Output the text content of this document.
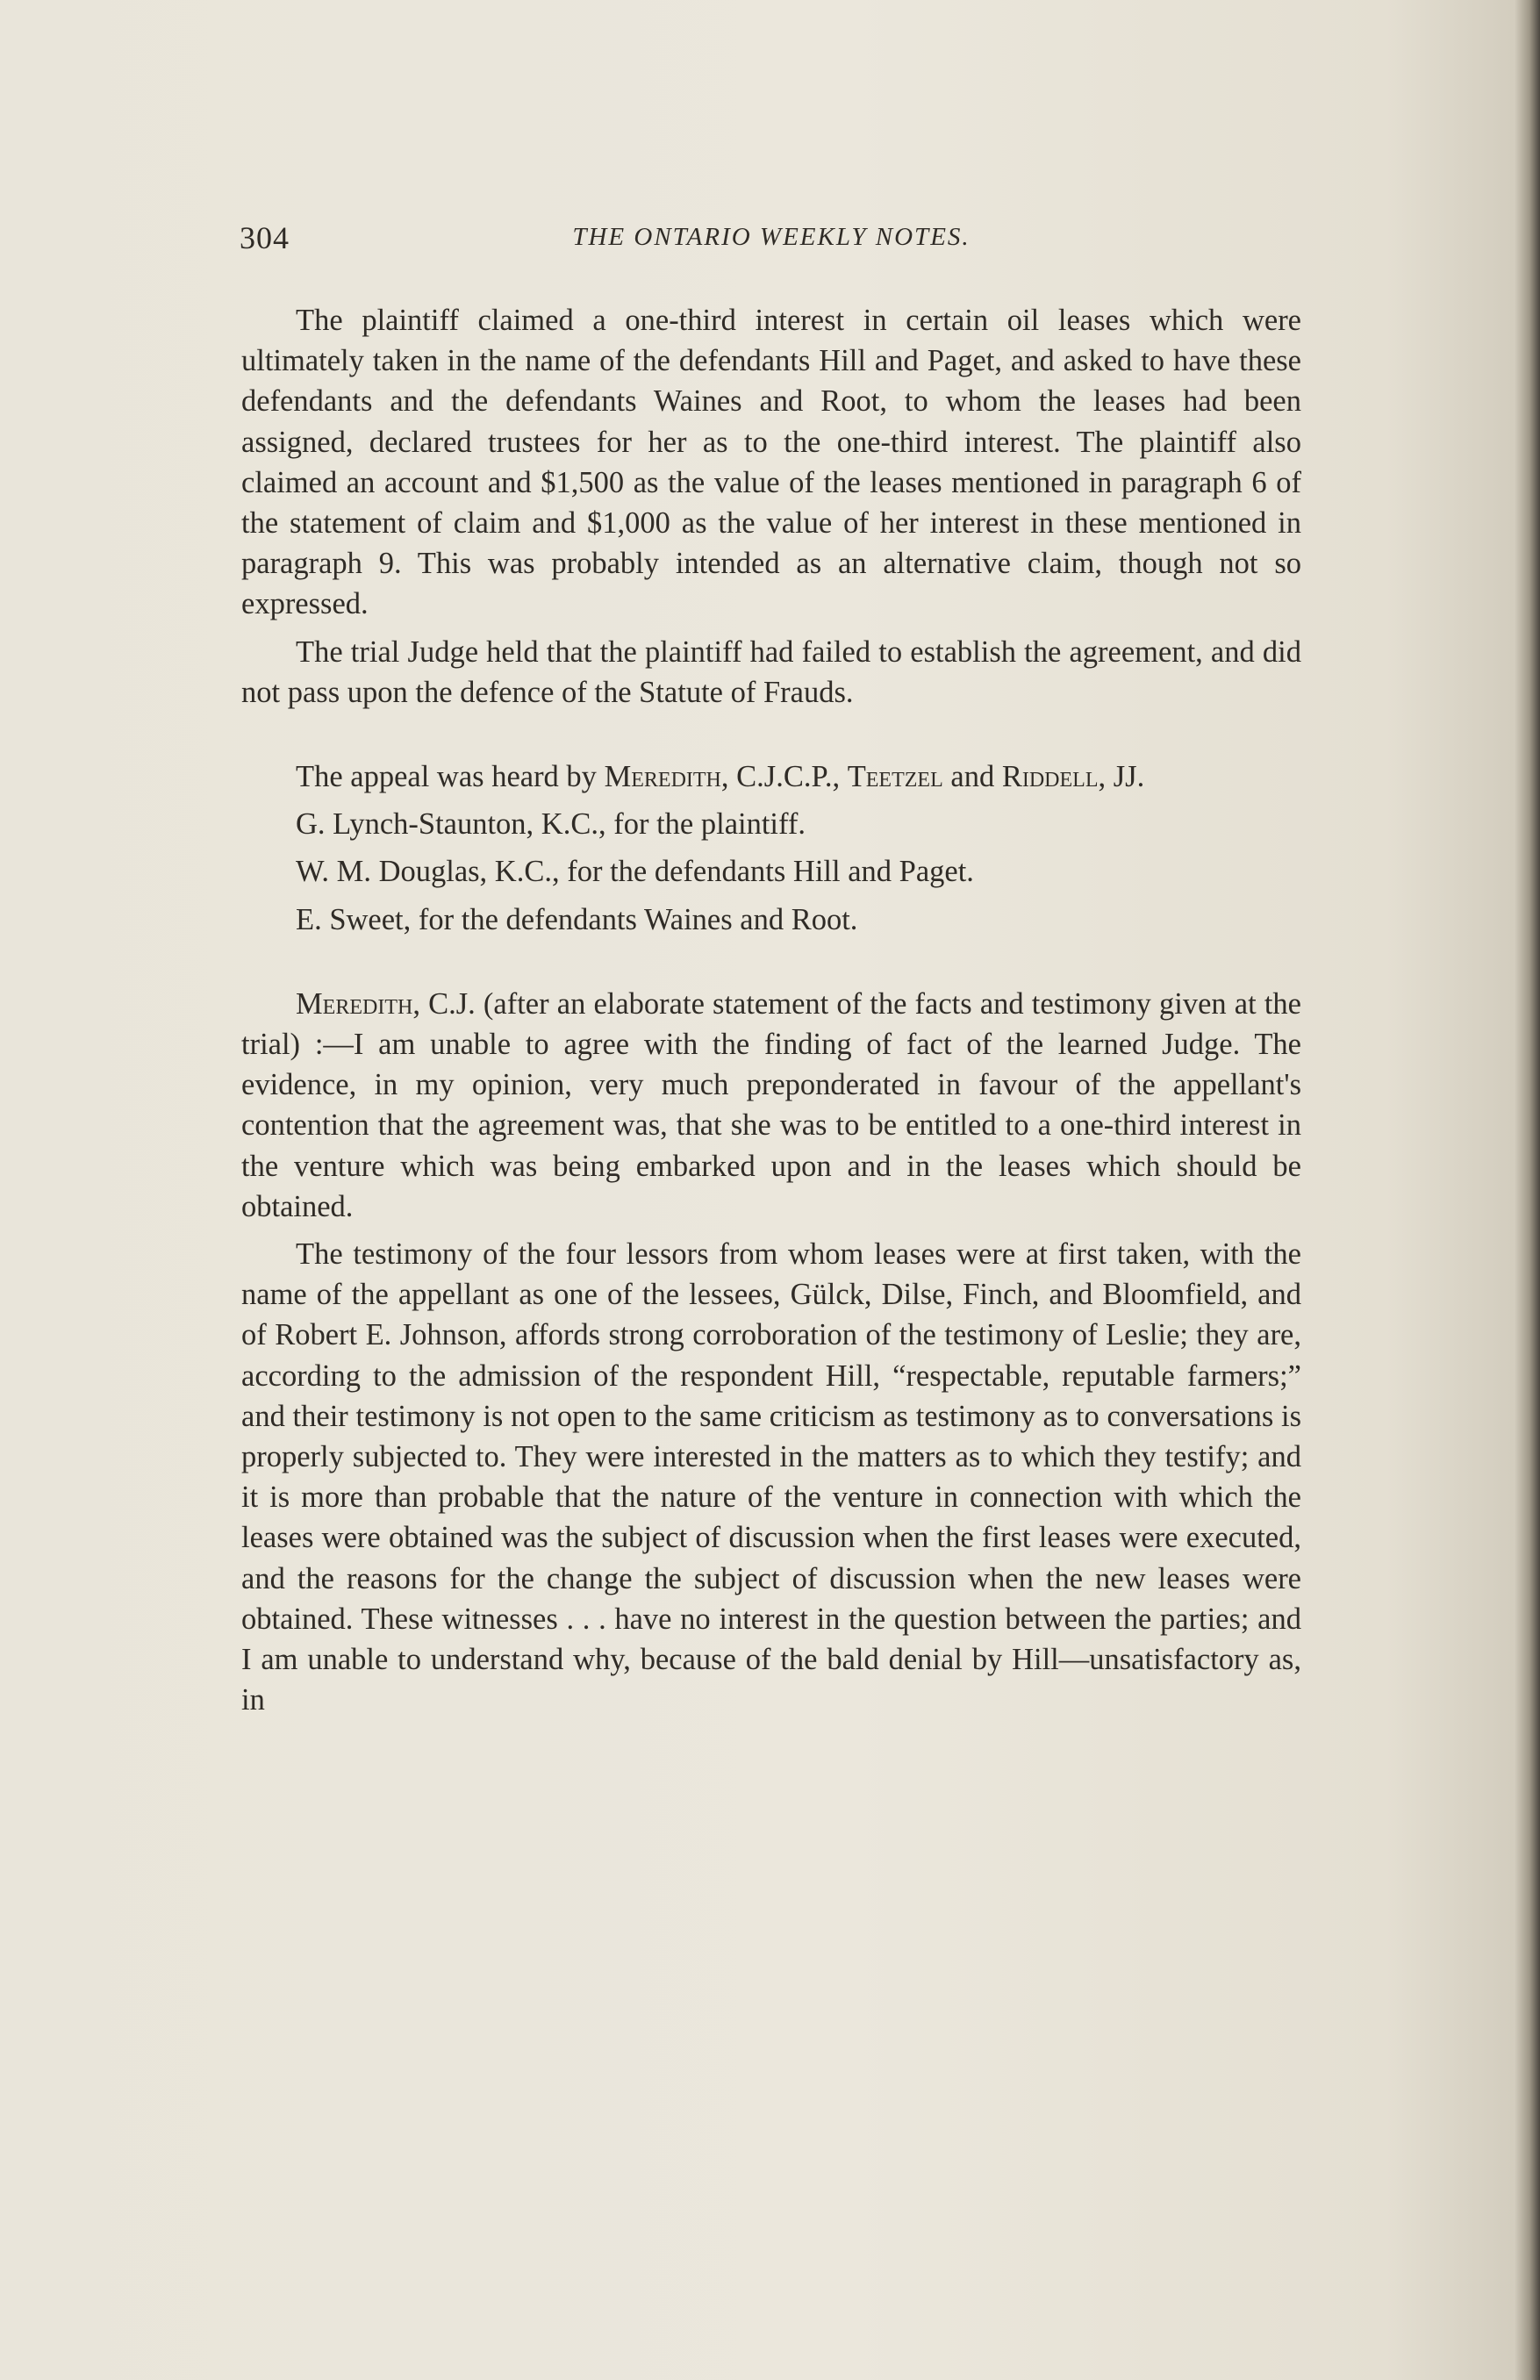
304	THE ONTARIO WEEKLY NOTES.

The plaintiff claimed a one-third interest in certain oil leases which were ultimately taken in the name of the defendants Hill and Paget, and asked to have these defendants and the defendants Waines and Root, to whom the leases had been assigned, declared trustees for her as to the one-third interest. The plaintiff also claimed an account and $1,500 as the value of the leases mentioned in paragraph 6 of the statement of claim and $1,000 as the value of her interest in these mentioned in paragraph 9. This was probably intended as an alternative claim, though not so expressed.

The trial Judge held that the plaintiff had failed to establish the agreement, and did not pass upon the defence of the Statute of Frauds.

The appeal was heard by Meredith, C.J.C.P., Teetzel and Riddell, JJ.

G. Lynch-Staunton, K.C., for the plaintiff.

W. M. Douglas, K.C., for the defendants Hill and Paget.

E. Sweet, for the defendants Waines and Root.

Meredith, C.J. (after an elaborate statement of the facts and testimony given at the trial) :—I am unable to agree with the finding of fact of the learned Judge. The evidence, in my opinion, very much preponderated in favour of the appellant's contention that the agreement was, that she was to be entitled to a one-third interest in the venture which was being embarked upon and in the leases which should be obtained.

The testimony of the four lessors from whom leases were at first taken, with the name of the appellant as one of the lessees, Gülck, Dilse, Finch, and Bloomfield, and of Robert E. Johnson, affords strong corroboration of the testimony of Leslie; they are, according to the admission of the respondent Hill, “respectable, reputable farmers;” and their testimony is not open to the same criticism as testimony as to conversations is properly subjected to. They were interested in the matters as to which they testify; and it is more than probable that the nature of the venture in connection with which the leases were obtained was the subject of discussion when the first leases were executed, and the reasons for the change the subject of discussion when the new leases were obtained. These witnesses . . . have no interest in the question between the parties; and I am unable to understand why, because of the bald denial by Hill—unsatisfactory as, in
